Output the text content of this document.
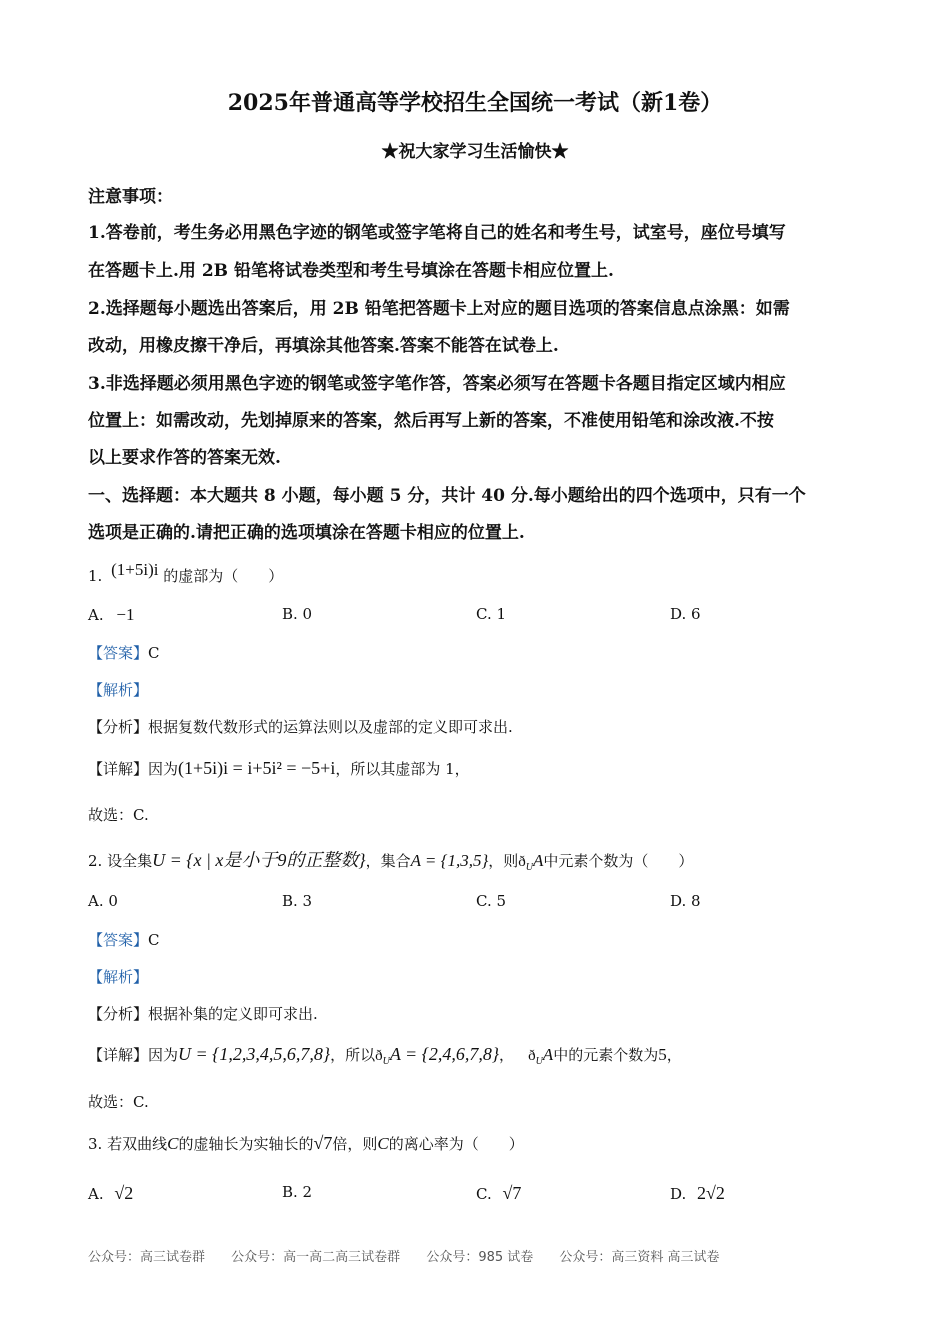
2025年普通高等学校招生全国统一考试（新1卷）
★祝大家学习生活愉快★
注意事项：
1.答卷前，考生务必用黑色字迹的钢笔或签字笔将自己的姓名和考生号，试室号，座位号填写
在答题卡上.用 2B 铅笔将试卷类型和考生号填涂在答题卡相应位置上.
2.选择题每小题选出答案后，用 2B 铅笔把答题卡上对应的题目选项的答案信息点涂黑：如需
改动，用橡皮擦干净后，再填涂其他答案.答案不能答在试卷上.
3.非选择题必须用黑色字迹的钢笔或签字笔作答，答案必须写在答题卡各题目指定区域内相应
位置上：如需改动，先划掉原来的答案，然后再写上新的答案，不准使用铅笔和涂改液.不按
以上要求作答的答案无效.
一、选择题：本大题共 8 小题，每小题 5 分，共计 40 分.每小题给出的四个选项中，只有一个
选项是正确的.请把正确的选项填涂在答题卡相应的位置上.
1. (1+5i)i 的虚部为（　　）
A. −1	B. 0	C. 1	D. 6
【答案】C
【解析】
【分析】根据复数代数形式的运算法则以及虚部的定义即可求出.
【详解】因为(1+5i)i = i+5i² = −5+i，所以其虚部为 1，
故选：C.
2. 设全集U = {x | x是小于9的正整数}，集合A = {1,3,5}，则$ð_UA$中元素个数为（　　）
A. 0	B. 3	C. 5	D. 8
【答案】C
【解析】
【分析】根据补集的定义即可求出.
【详解】因为U = {1,2,3,4,5,6,7,8}，所以$ð_UA = \{2,4,6,7,8\}$， $ð_UA$中的元素个数为5，
故选：C.
3. 若双曲线C的虚轴长为实轴长的√7倍，则C的离心率为（　　）
A. √2	B. 2	C. √7	D. 2√2
公众号：高三试卷群 公众号：高一高二高三试卷群 公众号：985 试卷 公众号：高三资料 高三试卷
